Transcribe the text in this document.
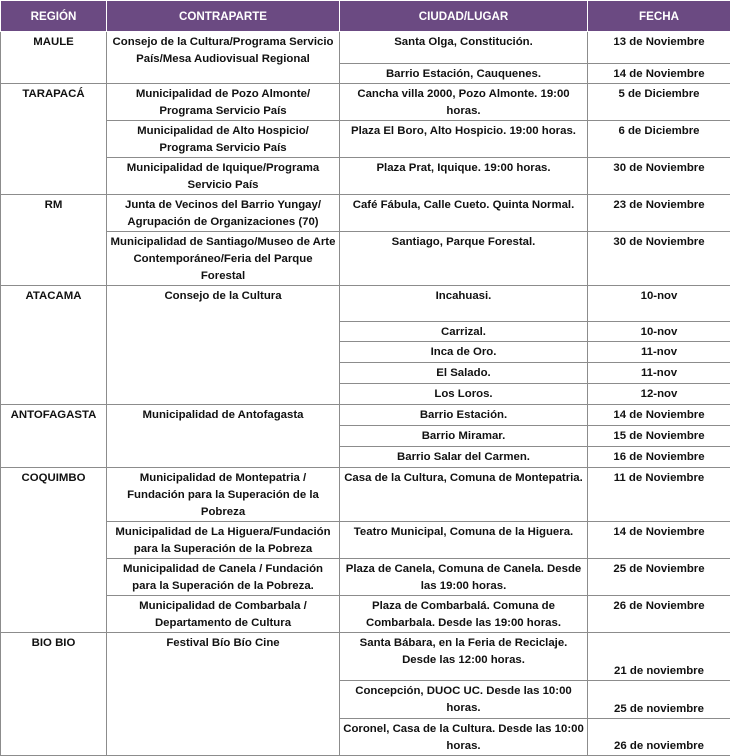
REGIÓN	CONTRAPARTE	CIUDAD/LUGAR	FECHA
MAULE	Consejo de la Cultura/Programa Servicio País/Mesa Audiovisual Regional	Santa Olga, Constitución.	13 de Noviembre
		Barrio Estación, Cauquenes.	14 de Noviembre
TARAPACÁ	Municipalidad de Pozo Almonte/ Programa Servicio País	Cancha villa 2000, Pozo Almonte. 19:00 horas.	5 de Diciembre
	Municipalidad de Alto Hospicio/ Programa Servicio País	Plaza El Boro, Alto Hospicio. 19:00 horas.	6 de Diciembre
	Municipalidad de Iquique/Programa Servicio País	Plaza Prat, Iquique. 19:00 horas.	30 de Noviembre
RM	Junta de Vecinos del Barrio Yungay/ Agrupación de Organizaciones (70)	Café Fábula, Calle Cueto. Quinta Normal.	23 de Noviembre
	Municipalidad de Santiago/Museo de Arte Contemporáneo/Feria del Parque Forestal	Santiago, Parque Forestal.	30 de Noviembre
ATACAMA	Consejo de la Cultura	Incahuasi.	10-nov
		Carrizal.	10-nov
		Inca de Oro.	11-nov
		El Salado.	11-nov
		Los Loros.	12-nov
ANTOFAGASTA	Municipalidad de Antofagasta	Barrio Estación.	14 de Noviembre
		Barrio Miramar.	15 de Noviembre
		Barrio Salar del Carmen.	16 de Noviembre
COQUIMBO	Municipalidad de Montepatria / Fundación para la Superación de la Pobreza	Casa de la Cultura, Comuna de Montepatria.	11 de Noviembre
	Municipalidad de La Higuera/Fundación para la Superación de la Pobreza	Teatro Municipal, Comuna de la Higuera.	14 de Noviembre
	Municipalidad de Canela / Fundación para la Superación de la Pobreza.	Plaza de Canela, Comuna de Canela. Desde las 19:00 horas.	25 de Noviembre
	Municipalidad de Combarbala / Departamento de Cultura	Plaza de Combarbalá. Comuna de Combarbala. Desde las 19:00 horas.	26 de Noviembre
BIO BIO	Festival Bío Bío Cine	Santa Bábara, en la Feria de Reciclaje. Desde las 12:00 horas.	21 de noviembre
		Concepción, DUOC UC. Desde las 10:00 horas.	25 de noviembre
		Coronel, Casa de la Cultura. Desde las 10:00 horas.	26 de noviembre
